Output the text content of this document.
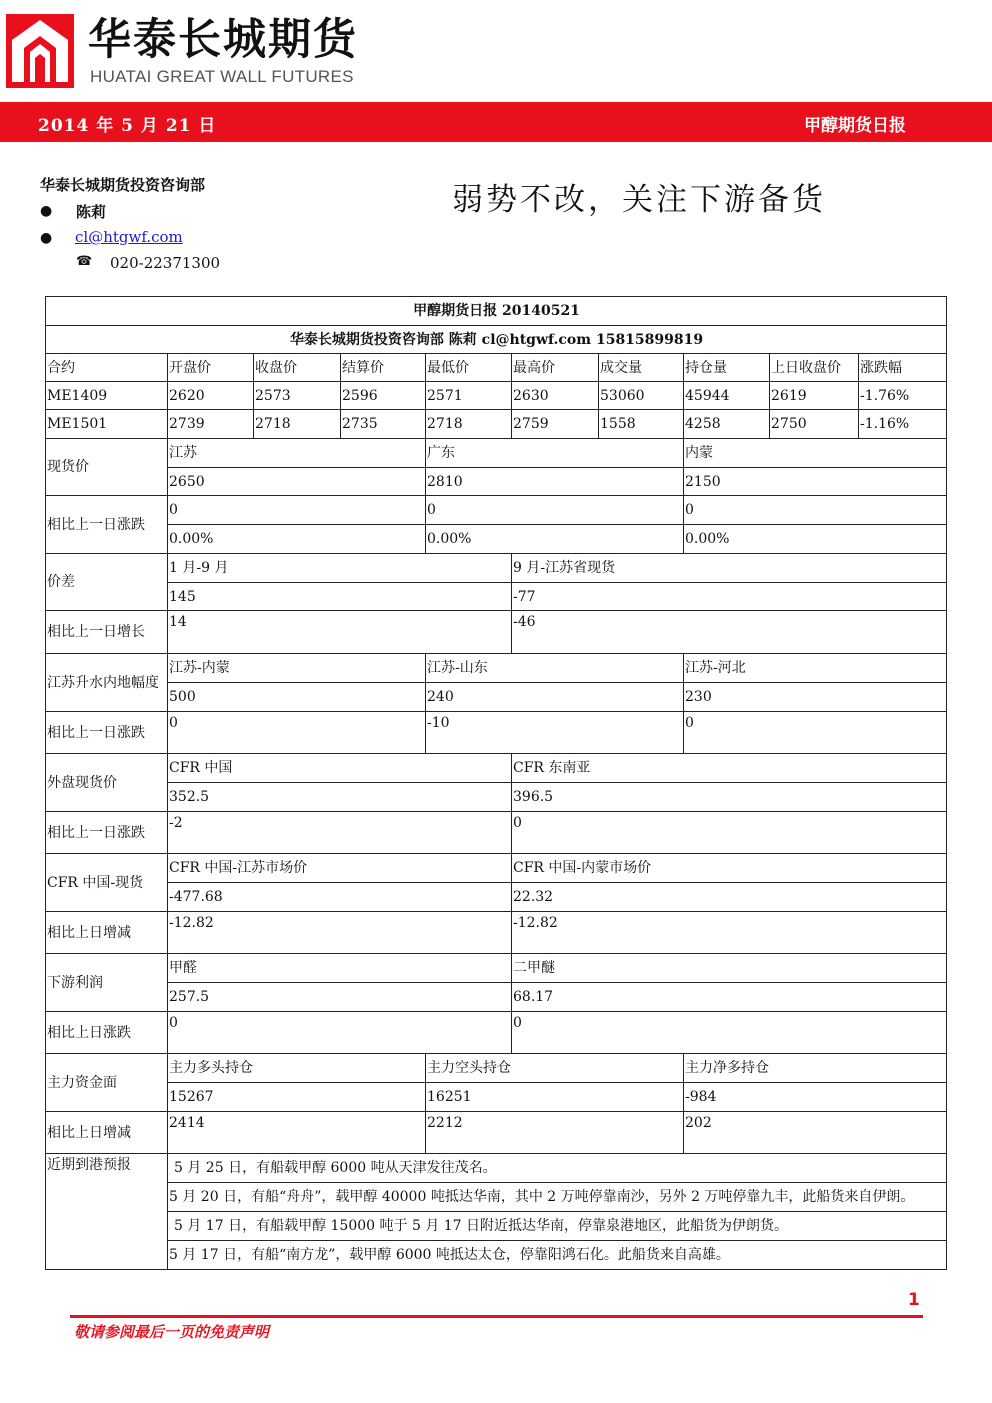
华泰长城期货
HUATAI GREAT WALL FUTURES
2014 年 5 月 21 日	甲醇期货日报
华泰长城期货投资咨询部
● 陈莉
● cl@htgwf.com
☎ 020-22371300
弱势不改，关注下游备货
甲醇期货日报 20140521									
华泰长城期货投资咨询部 陈莉 cl@htgwf.com 15815899819									
合约	开盘价	收盘价	结算价	最低价	最高价	成交量	持仓量	上日收盘价	涨跌幅
ME1409	2620	2573	2596	2571	2630	53060	45944	2619	-1.76%
ME1501	2739	2718	2735	2718	2759	1558	4258	2750	-1.16%
现货价	江苏			广东			内蒙		
	2650			2810			2150		
相比上一日涨跌	0			0			0		
	0.00%			0.00%			0.00%		
价差	1 月-9 月				9 月-江苏省现货				
	145				-77				
相比上一日增长	14				-46				
江苏升水内地幅度	江苏-内蒙			江苏-山东			江苏-河北		
	500			240			230		
相比上一日涨跌	0			-10			0		
外盘现货价	CFR 中国				CFR 东南亚				
	352.5				396.5				
相比上一日涨跌	-2				0				
CFR 中国-现货	CFR 中国-江苏市场价				CFR 中国-内蒙市场价				
	-477.68				22.32				
相比上日增减	-12.82				-12.82				
下游利润	甲醛				二甲醚				
	257.5				68.17				
相比上日涨跌	0				0				
主力资金面	主力多头持仓			主力空头持仓			主力净多持仓		
	15267			16251			-984		
相比上日增减	2414			2212			202		
近期到港预报	5 月 25 日，有船载甲醇 6000 吨从天津发往茂名。								
	5 月 20 日，有船“舟舟”，载甲醇 40000 吨抵达华南，其中 2 万吨停靠南沙，另外 2 万吨停靠九丰，此船货来自伊朗。								
	5 月 17 日，有船载甲醇 15000 吨于 5 月 17 日附近抵达华南，停靠泉港地区，此船货为伊朗货。								
	5 月 17 日，有船“南方龙”，载甲醇 6000 吨抵达太仓，停靠阳鸿石化。此船货来自高雄。								
1
敬请参阅最后一页的免责声明
